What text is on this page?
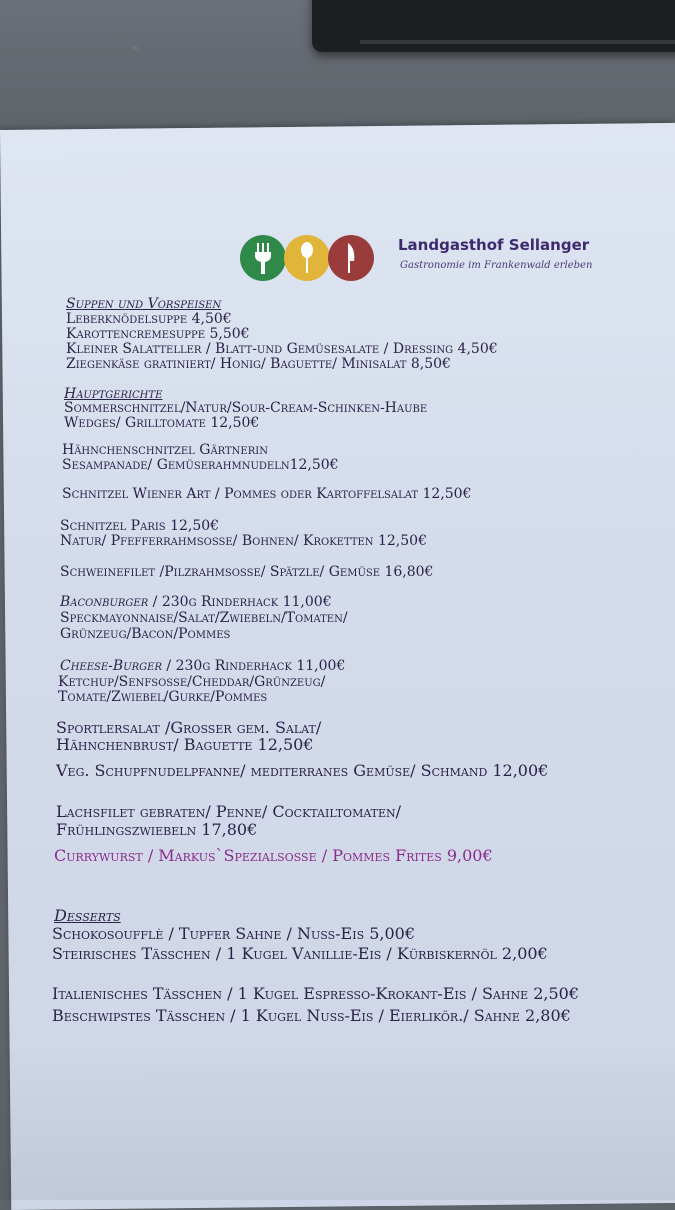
Landgasthof Sellanger
Gastronomie im Frankenwald erleben
Suppen und Vorspeisen
Leberknödelsuppe 4,50€
Karottencremesuppe 5,50€
Kleiner Salatteller / Blatt-und Gemüsesalate / Dressing 4,50€
Ziegenkäse gratiniert/ Honig/ Baguette/ Minisalat 8,50€
Hauptgerichte
Sommerschnitzel/Natur/Sour-Cream-Schinken-Haube
Wedges/ Grilltomate 12,50€
Hähnchenschnitzel Gärtnerin
Sesampanade/ Gemüserahmnudeln12,50€
Schnitzel Wiener Art / Pommes oder Kartoffelsalat 12,50€
Schnitzel Paris 12,50€
Natur/ Pfefferrahmsosse/ Bohnen/ Kroketten 12,50€
Schweinefilet /Pilzrahmsosse/ Spätzle/ Gemüse 16,80€
Baconburger / 230g Rinderhack 11,00€
Speckmayonnaise/Salat/Zwiebeln/Tomaten/
Grünzeug/Bacon/Pommes
Cheese-Burger / 230g Rinderhack 11,00€
Ketchup/Senfsosse/Cheddar/Grünzeug/
Tomate/Zwiebel/Gurke/Pommes
Sportlersalat /Grosser gem. Salat/
Hähnchenbrust/ Baguette 12,50€
Veg. Schupfnudelpfanne/ mediterranes Gemüse/ Schmand 12,00€
Lachsfilet gebraten/ Penne/ Cocktailtomaten/
Frühlingszwiebeln 17,80€
Currywurst / Markus`Spezialsosse / Pommes Frites 9,00€
Desserts
Schokosoufflè / Tupfer Sahne / Nuss-Eis 5,00€
Steirisches Tässchen / 1 Kugel Vanillie-Eis / Kürbiskernöl 2,00€
Italienisches Tässchen / 1 Kugel Espresso-Krokant-Eis / Sahne 2,50€
Beschwipstes Tässchen / 1 Kugel Nuss-Eis / Eierlikör./ Sahne 2,80€
